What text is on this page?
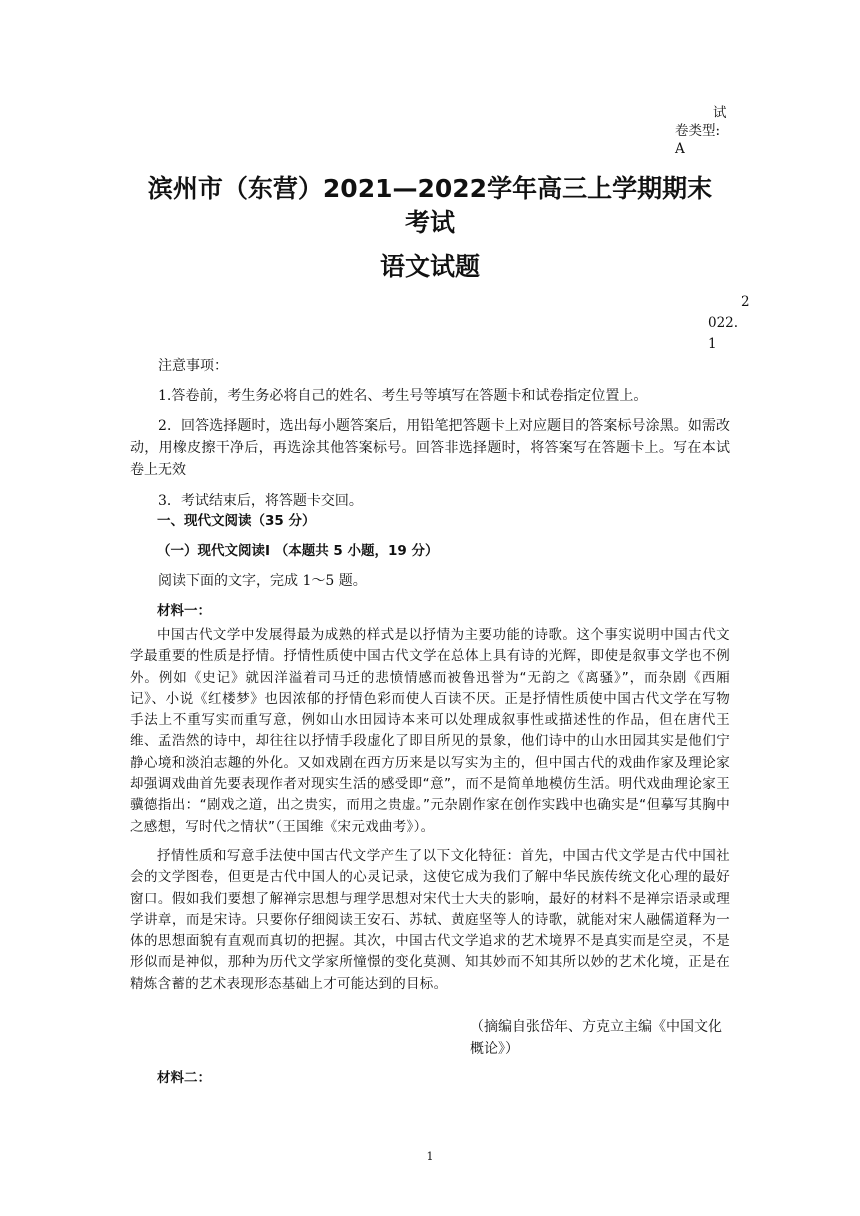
试
卷类型:
A
滨州市（东营）2021—2022学年高三上学期期末
考试
语文试题
2
022.
1

注意事项：

1.答卷前，考生务必将自己的姓名、考生号等填写在答题卡和试卷指定位置上。

2．回答选择题时，选出每小题答案后，用铅笔把答题卡上对应题目的答案标号涂黑。如需改动，用橡皮擦干净后，再选涂其他答案标号。回答非选择题时，将答案写在答题卡上。写在本试卷上无效

3．考试结束后，将答题卡交回。

一、现代文阅读（35 分）

（一）现代文阅读Ⅰ （本题共 5 小题，19 分）

阅读下面的文字，完成 1～5 题。

材料一：

中国古代文学中发展得最为成熟的样式是以抒情为主要功能的诗歌。这个事实说明中国古代文学最重要的性质是抒情。抒情性质使中国古代文学在总体上具有诗的光辉，即使是叙事文学也不例外。例如《史记》就因洋溢着司马迁的悲愤情感而被鲁迅誉为“无韵之《离骚》”，而杂剧《西厢记》、小说《红楼梦》也因浓郁的抒情色彩而使人百读不厌。正是抒情性质使中国古代文学在写物手法上不重写实而重写意，例如山水田园诗本来可以处理成叙事性或描述性的作品，但在唐代王维、孟浩然的诗中，却往往以抒情手段虚化了即目所见的景象，他们诗中的山水田园其实是他们宁静心境和淡泊志趣的外化。又如戏剧在西方历来是以写实为主的，但中国古代的戏曲作家及理论家却强调戏曲首先要表现作者对现实生活的感受即“意”，而不是简单地模仿生活。明代戏曲理论家王骥德指出：“剧戏之道，出之贵实，而用之贵虚。”元杂剧作家在创作实践中也确实是“但摹写其胸中之感想，写时代之情状”（王国维《宋元戏曲考》）。

抒情性质和写意手法使中国古代文学产生了以下文化特征：首先，中国古代文学是古代中国社会的文学图卷，但更是古代中国人的心灵记录，这使它成为我们了解中华民族传统文化心理的最好窗口。假如我们要想了解禅宗思想与理学思想对宋代士大夫的影响，最好的材料不是禅宗语录或理学讲章，而是宋诗。只要你仔细阅读王安石、苏轼、黄庭坚等人的诗歌，就能对宋人融儒道释为一体的思想面貌有直观而真切的把握。其次，中国古代文学追求的艺术境界不是真实而是空灵，不是形似而是神似，那种为历代文学家所憧憬的变化莫测、知其妙而不知其所以妙的艺术化境，正是在精炼含蓄的艺术表现形态基础上才可能达到的目标。

（摘编自张岱年、方克立主编《中国文化概论》）

材料二：

1
